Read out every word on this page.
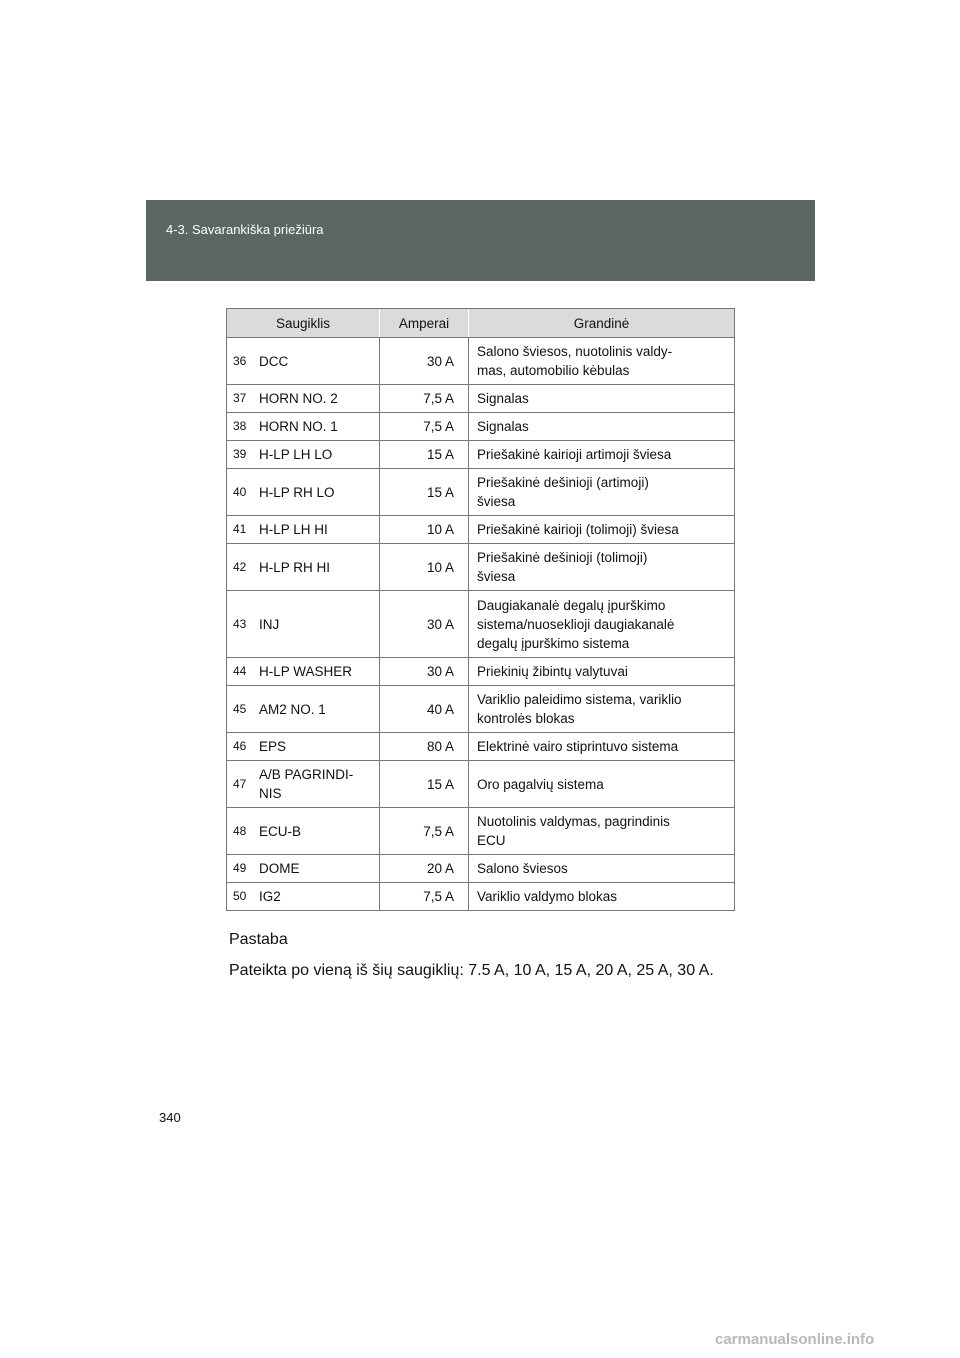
4-3. Savarankiška priežiūra
Saugiklis		Amperai	Grandinė
36	DCC	30 A	Salono šviesos, nuotolinis valdy-
mas, automobilio kėbulas
37	HORN NO. 2	7,5 A	Signalas
38	HORN NO. 1	7,5 A	Signalas
39	H-LP LH LO	15 A	Priešakinė kairioji artimoji šviesa
40	H-LP RH LO	15 A	Priešakinė dešinioji (artimoji)
šviesa
41	H-LP LH HI	10 A	Priešakinė kairioji (tolimoji) šviesa
42	H-LP RH HI	10 A	Priešakinė dešinioji (tolimoji)
šviesa
43	INJ	30 A	Daugiakanalė degalų įpurškimo
sistema/nuoseklioji daugiakanalė
degalų įpurškimo sistema
44	H-LP WASHER	30 A	Priekinių žibintų valytuvai
45	AM2 NO. 1	40 A	Variklio paleidimo sistema, variklio
kontrolės blokas
46	EPS	80 A	Elektrinė vairo stiprintuvo sistema
47	A/B PAGRINDI-
NIS	15 A	Oro pagalvių sistema
48	ECU-B	7,5 A	Nuotolinis valdymas, pagrindinis
ECU
49	DOME	20 A	Salono šviesos
50	IG2	7,5 A	Variklio valdymo blokas
Pastaba
Pateikta po vieną iš šių saugiklių: 7.5 A, 10 A, 15 A, 20 A, 25 A, 30 A.
340
carmanualsonline.info
